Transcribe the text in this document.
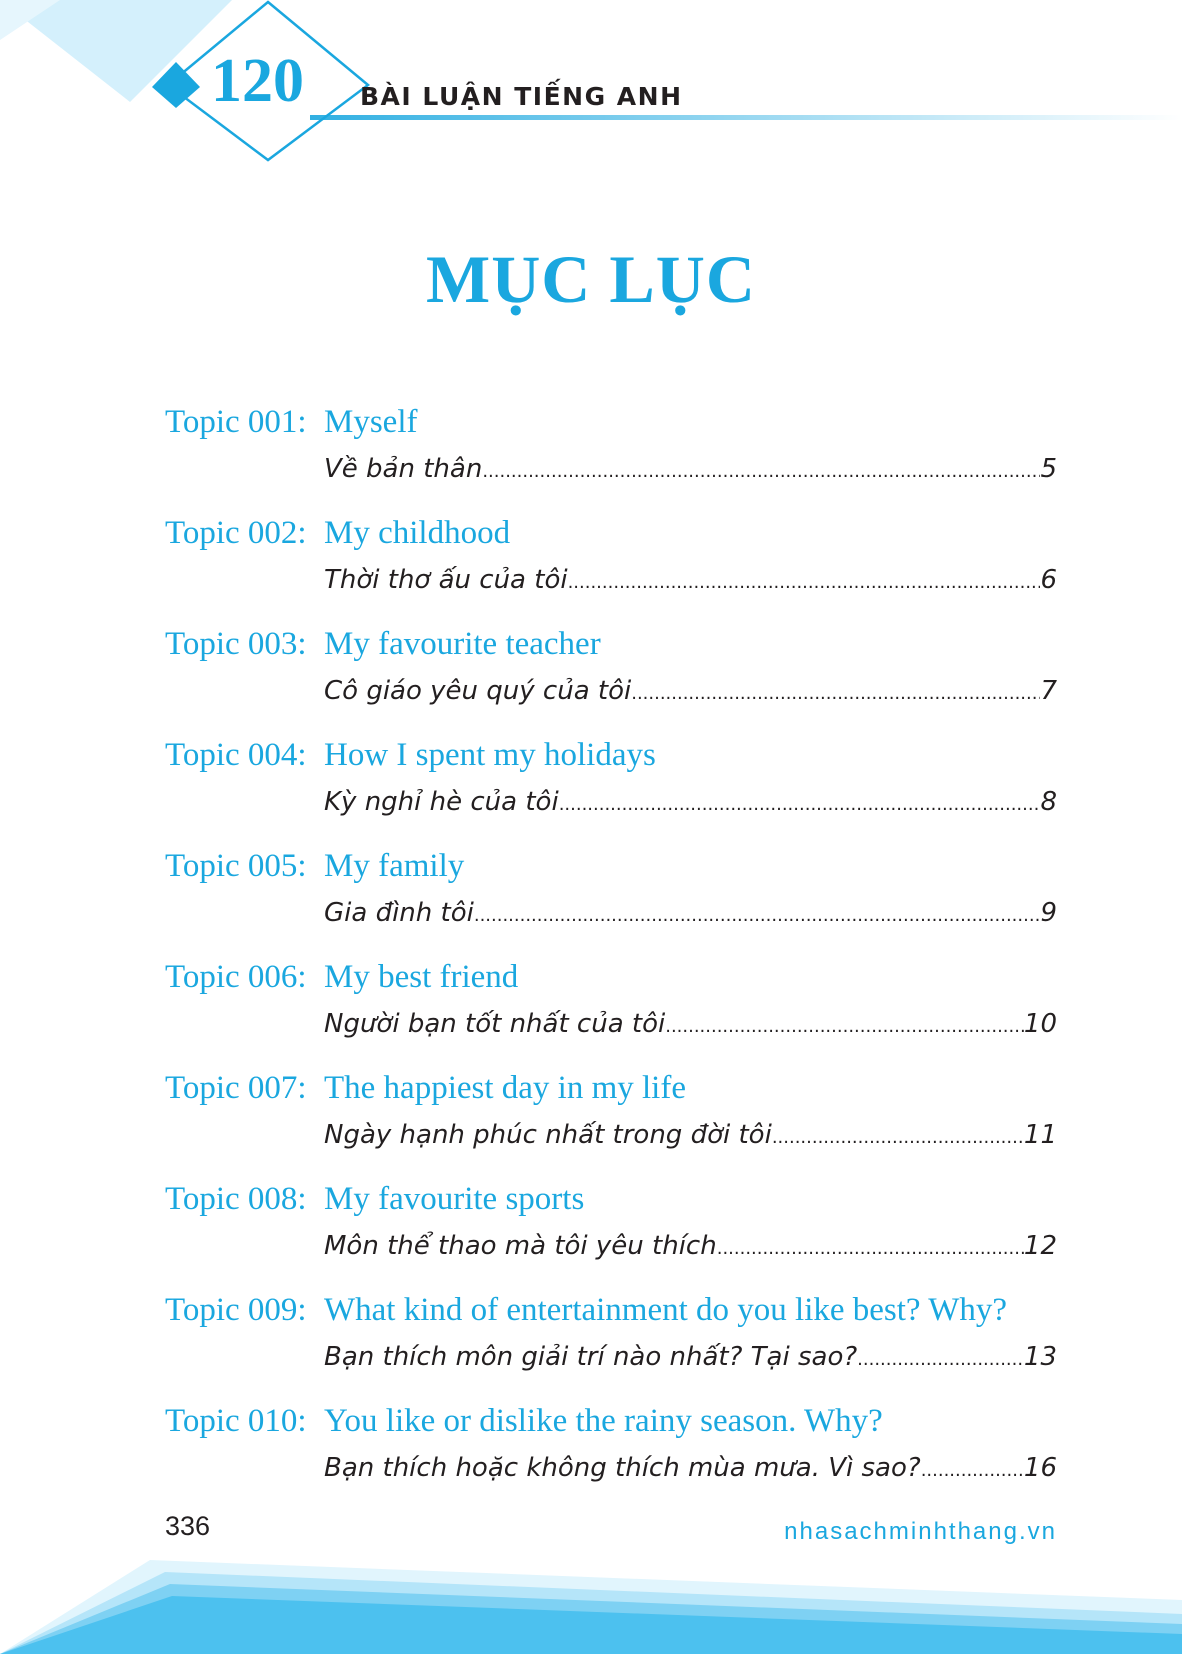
120 BÀI LUẬN TIẾNG ANH
MỤC LỤC
Topic 001: Myself
Về bản thân .....	5
Topic 002: My childhood
Thời thơ ấu của tôi .....	6
Topic 003: My favourite teacher
Cô giáo yêu quý của tôi .....	7
Topic 004: How I spent my holidays
Kỳ nghỉ hè của tôi .....	8
Topic 005: My family
Gia đình tôi .....	9
Topic 006: My best friend
Người bạn tốt nhất của tôi .....	10
Topic 007: The happiest day in my life
Ngày hạnh phúc nhất trong đời tôi .....	11
Topic 008: My favourite sports
Môn thể thao mà tôi yêu thích .....	12
Topic 009: What kind of entertainment do you like best? Why?
Bạn thích môn giải trí nào nhất? Tại sao? .....	13
Topic 010: You like or dislike the rainy season. Why?
Bạn thích hoặc không thích mùa mưa. Vì sao? .....	16
336	nhasachminhthang.vn
